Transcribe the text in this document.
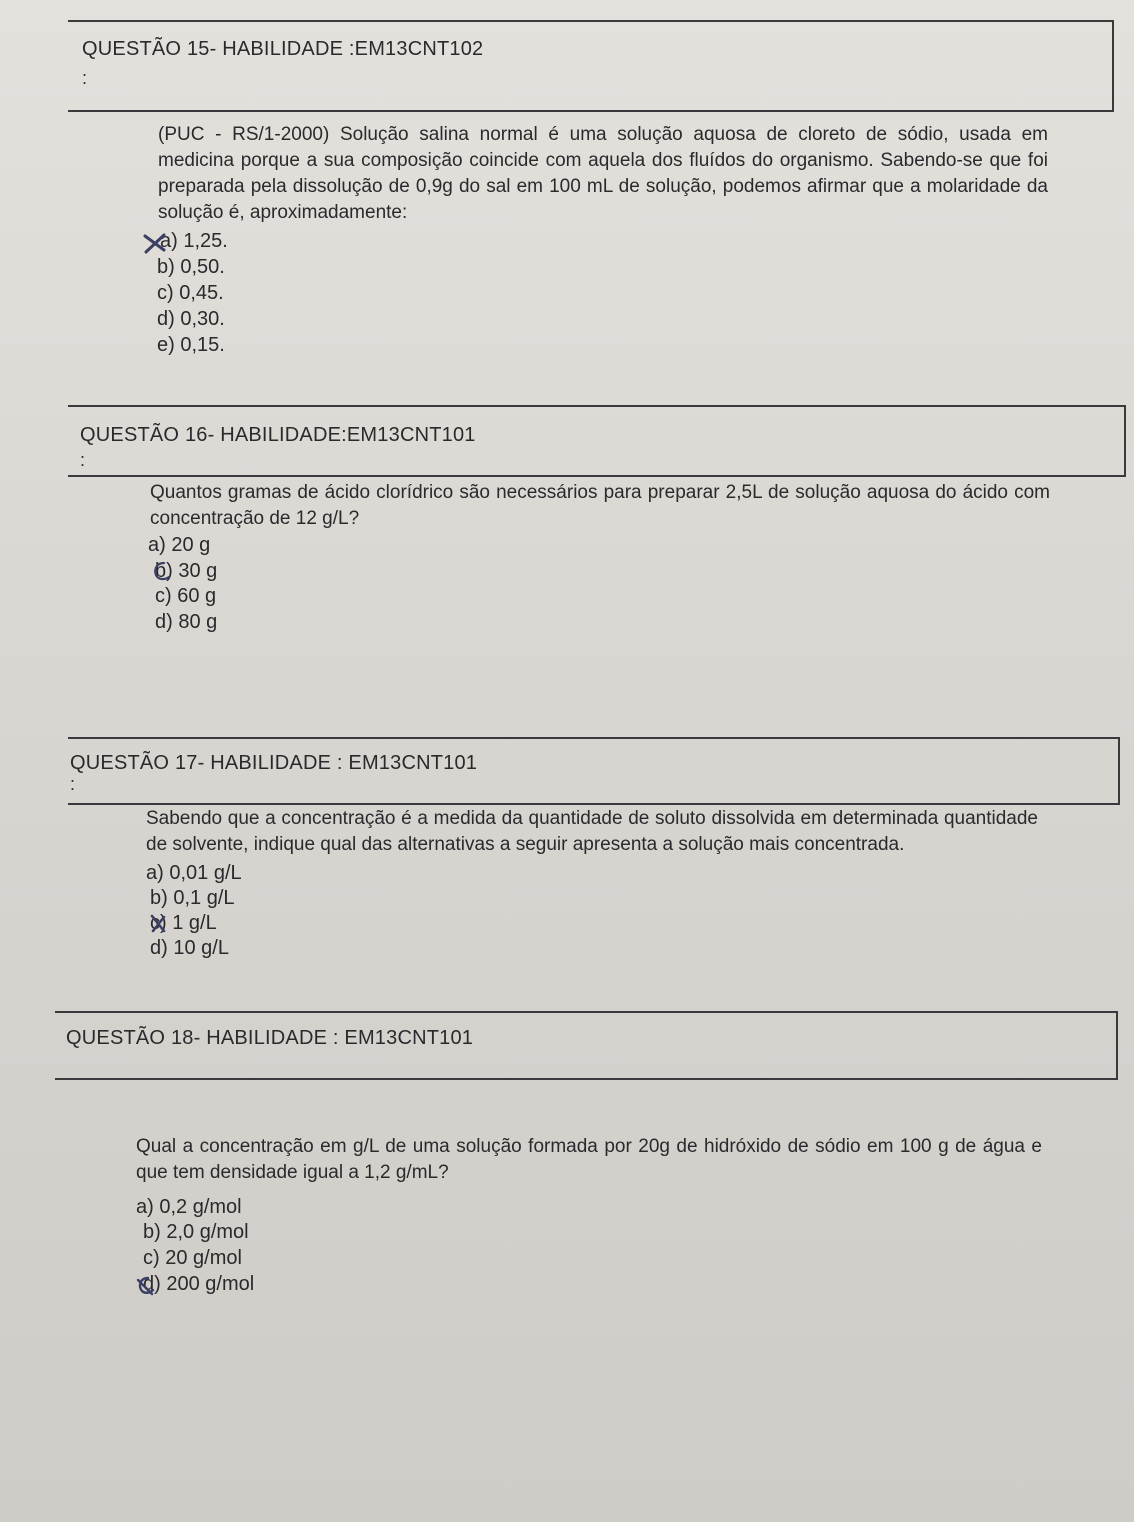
QUESTÃO 15- HABILIDADE :EM13CNT102
:
(PUC - RS/1-2000) Solução salina normal é uma solução aquosa de cloreto de sódio, usada em medicina porque a sua composição coincide com aquela dos fluídos do organismo. Sabendo-se que foi preparada pela dissolução de 0,9g do sal em 100 mL de solução, podemos afirmar que a molaridade da solução é, aproximadamente:
a) 1,25.
b) 0,50.
c) 0,45.
d) 0,30.
e) 0,15.
QUESTÃO 16- HABILIDADE:EM13CNT101
:
Quantos gramas de ácido clorídrico são necessários para preparar 2,5L de solução aquosa do ácido com concentração de 12 g/L?
a) 20 g
b) 30 g
c) 60 g
d) 80 g
QUESTÃO 17- HABILIDADE : EM13CNT101
:
Sabendo que a concentração é a medida da quantidade de soluto dissolvida em determinada quantidade de solvente, indique qual das alternativas a seguir apresenta a solução mais concentrada.
a) 0,01 g/L
b) 0,1 g/L
c) 1 g/L
d) 10 g/L
QUESTÃO 18- HABILIDADE : EM13CNT101
Qual a concentração em g/L de uma solução formada por 20g de hidróxido de sódio em 100 g de água e que tem densidade igual a 1,2 g/mL?
a) 0,2 g/mol
b) 2,0 g/mol
c) 20 g/mol
d) 200 g/mol
